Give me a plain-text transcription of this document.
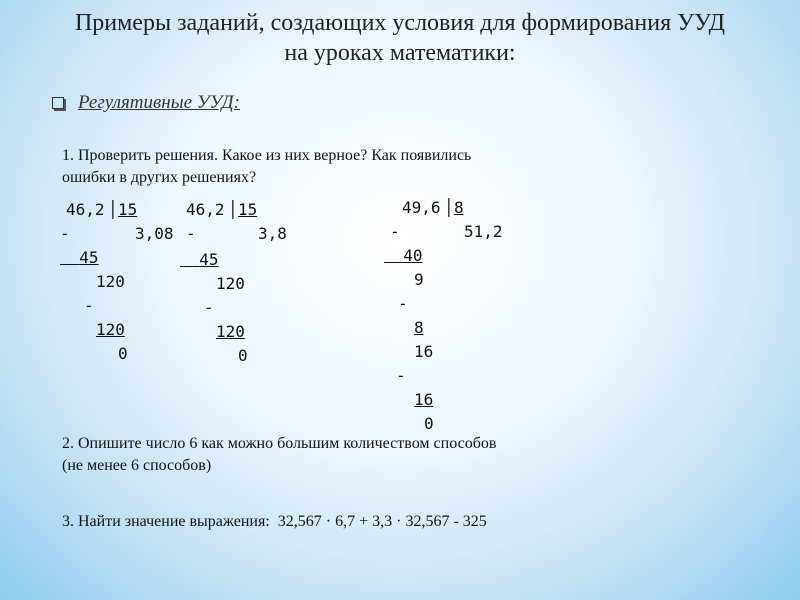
Примеры заданий, создающих условия для формирования УУД
на уроках математики:
Регулятивные УУД:
1. Проверить решения. Какое из них верное? Как появились
ошибки в других решениях?
46,2 │ 15
-	3,08
45
120
-
120
0
46,2 │ 15
-	3,8
45
120
-
120
0
49,6 │ 8
-	51,2
40
9
-
8
16
-
16
0
2. Опишите число 6 как можно большим количеством способов
(не менее 6 способов)
3. Найти значение выражения:  32,567 · 6,7 + 3,3 · 32,567 - 325
